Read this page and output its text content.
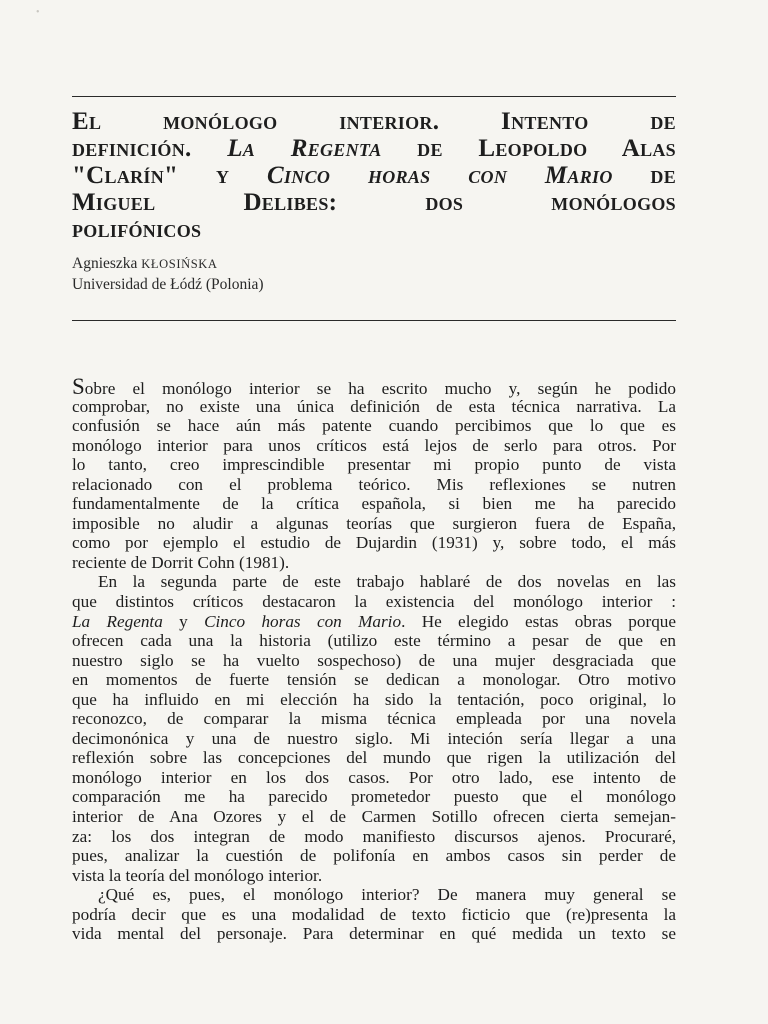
•
El monólogo interior. Intento de
definición. La Regenta de Leopoldo Alas
"Clarín" y Cinco horas con Mario de
Miguel Delibes: dos monólogos
polifónicos
Agnieszka KŁOSIŃSKA
Universidad de Łódź (Polonia)
Sobre el monólogo interior se ha escrito mucho y, según he podido
comprobar, no existe una única definición de esta técnica narrativa. La
confusión se hace aún más patente cuando percibimos que lo que es
monólogo interior para unos críticos está lejos de serlo para otros. Por
lo tanto, creo imprescindible presentar mi propio punto de vista
relacionado con el problema teórico. Mis reflexiones se nutren
fundamentalmente de la crítica española, si bien me ha parecido
imposible no aludir a algunas teorías que surgieron fuera de España,
como por ejemplo el estudio de Dujardin (1931) y, sobre todo, el más
reciente de Dorrit Cohn (1981).
En la segunda parte de este trabajo hablaré de dos novelas en las
que distintos críticos destacaron la existencia del monólogo interior :
La Regenta y Cinco horas con Mario. He elegido estas obras porque
ofrecen cada una la historia (utilizo este término a pesar de que en
nuestro siglo se ha vuelto sospechoso) de una mujer desgraciada que
en momentos de fuerte tensión se dedican a monologar. Otro motivo
que ha influido en mi elección ha sido la tentación, poco original, lo
reconozco, de comparar la misma técnica empleada por una novela
decimonónica y una de nuestro siglo. Mi inteción sería llegar a una
reflexión sobre las concepciones del mundo que rigen la utilización del
monólogo interior en los dos casos. Por otro lado, ese intento de
comparación me ha parecido prometedor puesto que el monólogo
interior de Ana Ozores y el de Carmen Sotillo ofrecen cierta semejan-
za: los dos integran de modo manifiesto discursos ajenos. Procuraré,
pues, analizar la cuestión de polifonía en ambos casos sin perder de
vista la teoría del monólogo interior.
¿Qué es, pues, el monólogo interior? De manera muy general se
podría decir que es una modalidad de texto ficticio que (re)presenta la
vida mental del personaje. Para determinar en qué medida un texto se
